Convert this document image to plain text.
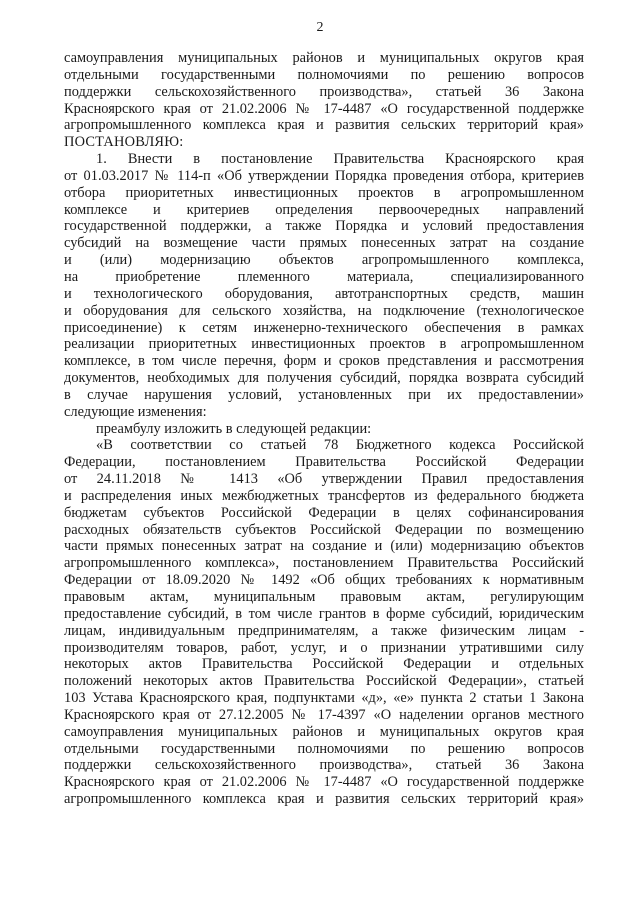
2
самоуправления муниципальных районов и муниципальных округов края
отдельными государственными полномочиями по решению вопросов
поддержки сельскохозяйственного производства», статьей 36 Закона
Красноярского края от 21.02.2006 № 17-4487 «О государственной поддержке
агропромышленного комплекса края и развития сельских территорий края»
ПОСТАНОВЛЯЮ:
1. Внести в постановление Правительства Красноярского края
от 01.03.2017 № 114-п «Об утверждении Порядка проведения отбора, критериев
отбора приоритетных инвестиционных проектов в агропромышленном
комплексе и критериев определения первоочередных направлений
государственной поддержки, а также Порядка и условий предоставления
субсидий на возмещение части прямых понесенных затрат на создание
и (или) модернизацию объектов агропромышленного комплекса,
на приобретение племенного материала, специализированного
и технологического оборудования, автотранспортных средств, машин
и оборудования для сельского хозяйства, на подключение (технологическое
присоединение) к сетям инженерно-технического обеспечения в рамках
реализации приоритетных инвестиционных проектов в агропромышленном
комплексе, в том числе перечня, форм и сроков представления и рассмотрения
документов, необходимых для получения субсидий, порядка возврата субсидий
в случае нарушения условий, установленных при их предоставлении»
следующие изменения:
преамбулу изложить в следующей редакции:
«В соответствии со статьей 78 Бюджетного кодекса Российской
Федерации, постановлением Правительства Российской Федерации
от 24.11.2018 № 1413 «Об утверждении Правил предоставления
и распределения иных межбюджетных трансфертов из федерального бюджета
бюджетам субъектов Российской Федерации в целях софинансирования
расходных обязательств субъектов Российской Федерации по возмещению
части прямых понесенных затрат на создание и (или) модернизацию объектов
агропромышленного комплекса», постановлением Правительства Российский
Федерации от 18.09.2020 № 1492 «Об общих требованиях к нормативным
правовым актам, муниципальным правовым актам, регулирующим
предоставление субсидий, в том числе грантов в форме субсидий, юридическим
лицам, индивидуальным предпринимателям, а также физическим лицам -
производителям товаров, работ, услуг, и о признании утратившими силу
некоторых актов Правительства Российской Федерации и отдельных
положений некоторых актов Правительства Российской Федерации», статьей
103 Устава Красноярского края, подпунктами «д», «е» пункта 2 статьи 1 Закона
Красноярского края от 27.12.2005 № 17-4397 «О наделении органов местного
самоуправления муниципальных районов и муниципальных округов края
отдельными государственными полномочиями по решению вопросов
поддержки сельскохозяйственного производства», статьей 36 Закона
Красноярского края от 21.02.2006 № 17-4487 «О государственной поддержке
агропромышленного комплекса края и развития сельских территорий края»
